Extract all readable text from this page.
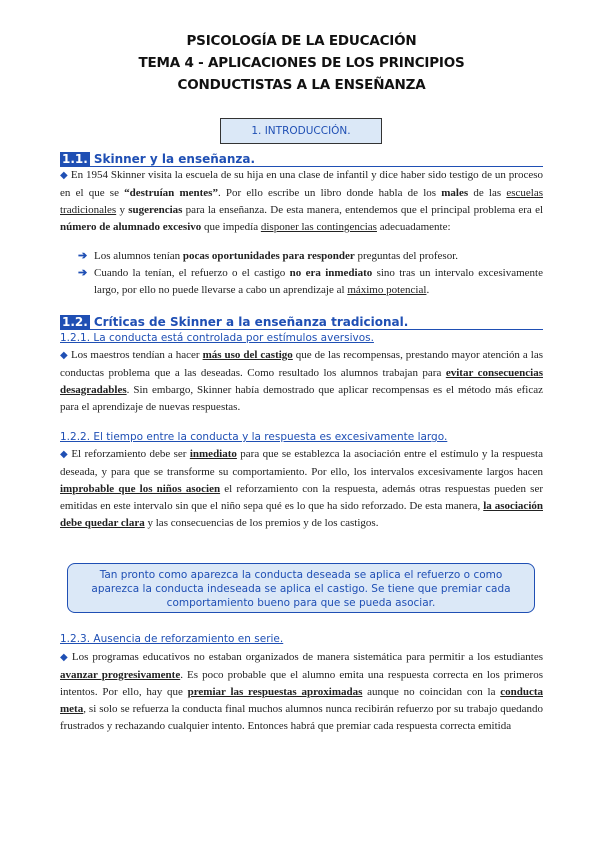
PSICOLOGÍA DE LA EDUCACIÓN
TEMA 4 - APLICACIONES DE LOS PRINCIPIOS
CONDUCTISTAS A LA ENSEÑANZA
1. INTRODUCCIÓN.
1.1. Skinner y la enseñanza.

◆ En 1954 Skinner visita la escuela de su hija en una clase de infantil y dice haber sido testigo de un proceso en el que se “destruían mentes”. Por ello escribe un libro donde habla de los males de las escuelas tradicionales y sugerencias para la enseñanza. De esta manera, entendemos que el principal problema era el número de alumnado excesivo que impedía disponer las contingencias adecuadamente:

➔ Los alumnos tenían pocas oportunidades para responder preguntas del profesor.
➔ Cuando la tenían, el refuerzo o el castigo no era inmediato sino tras un intervalo excesivamente largo, por ello no puede llevarse a cabo un aprendizaje al máximo potencial.
1.2. Críticas de Skinner a la enseñanza tradicional.
1.2.1. La conducta está controlada por estímulos aversivos.

◆ Los maestros tendían a hacer más uso del castigo que de las recompensas, prestando mayor atención a las conductas problema que a las deseadas. Como resultado los alumnos trabajan para evitar consecuencias desagradables. Sin embargo, Skinner había demostrado que aplicar recompensas es el método más eficaz para el aprendizaje de nuevas respuestas.

1.2.2. El tiempo entre la conducta y la respuesta es excesivamente largo.

◆ El reforzamiento debe ser inmediato para que se establezca la asociación entre el estímulo y la respuesta deseada, y para que se transforme su comportamiento. Por ello, los intervalos excesivamente largos hacen improbable que los niños asocien el reforzamiento con la respuesta, además otras respuestas pueden ser emitidas en este intervalo sin que el niño sepa qué es lo que ha sido reforzado. De esta manera, la asociación debe quedar clara y las consecuencias de los premios y de los castigos.

Tan pronto como aparezca la conducta deseada se aplica el refuerzo o como aparezca la conducta indeseada se aplica el castigo. Se tiene que premiar cada comportamiento bueno para que se pueda asociar.
1.2.3. Ausencia de reforzamiento en serie.

◆ Los programas educativos no estaban organizados de manera sistemática para permitir a los estudiantes avanzar progresivamente. Es poco probable que el alumno emita una respuesta correcta en los primeros intentos. Por ello, hay que premiar las respuestas aproximadas aunque no coincidan con la conducta meta, si solo se refuerza la conducta final muchos alumnos nunca recibirán refuerzo por su trabajo quedando frustrados y rechazando cualquier intento. Entonces habrá que premiar cada respuesta correcta emitida
